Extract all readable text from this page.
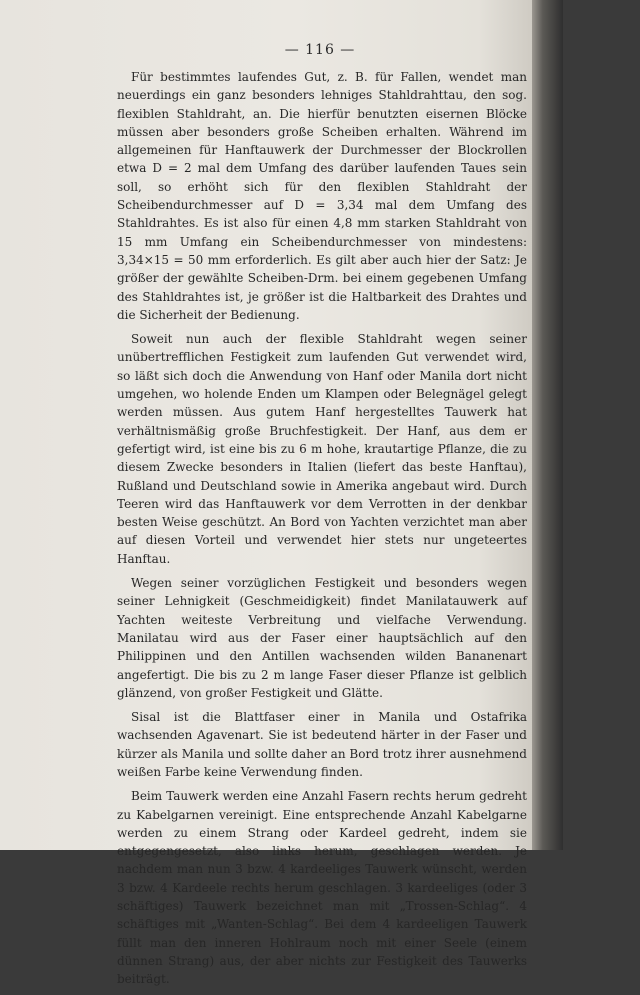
— 116 —

Für bestimmtes laufendes Gut, z. B. für Fallen, wendet man neuerdings ein ganz besonders lehniges Stahldrahttau, den sog. flexiblen Stahldraht, an. Die hierfür benutzten eisernen Blöcke müssen aber besonders große Scheiben erhalten. Während im allgemeinen für Hanftauwerk der Durchmesser der Blockrollen etwa D = 2 mal dem Umfang des darüber laufenden Taues sein soll, so erhöht sich für den flexiblen Stahldraht der Scheibendurchmesser auf D = 3,34 mal dem Umfang des Stahldrahtes. Es ist also für einen 4,8 mm starken Stahldraht von 15 mm Umfang ein Scheibendurchmesser von mindestens: 3,34×15 = 50 mm erforderlich. Es gilt aber auch hier der Satz: Je größer der gewählte Scheiben-Drm. bei einem gegebenen Umfang des Stahldrahtes ist, je größer ist die Haltbarkeit des Drahtes und die Sicherheit der Bedienung.

Soweit nun auch der flexible Stahldraht wegen seiner unübertrefflichen Festigkeit zum laufenden Gut verwendet wird, so läßt sich doch die Anwendung von Hanf oder Manila dort nicht umgehen, wo holende Enden um Klampen oder Belegnägel gelegt werden müssen. Aus gutem Hanf hergestelltes Tauwerk hat verhältnismäßig große Bruchfestigkeit. Der Hanf, aus dem er gefertigt wird, ist eine bis zu 6 m hohe, krautartige Pflanze, die zu diesem Zwecke besonders in Italien (liefert das beste Hanftau), Rußland und Deutschland sowie in Amerika angebaut wird. Durch Teeren wird das Hanftauwerk vor dem Verrotten in der denkbar besten Weise geschützt. An Bord von Yachten verzichtet man aber auf diesen Vorteil und verwendet hier stets nur ungeteertes Hanftau.

Wegen seiner vorzüglichen Festigkeit und besonders wegen seiner Lehnigkeit (Geschmeidigkeit) findet Manilatauwerk auf Yachten weiteste Verbreitung und vielfache Verwendung. Manilatau wird aus der Faser einer hauptsächlich auf den Philippinen und den Antillen wachsenden wilden Bananenart angefertigt. Die bis zu 2 m lange Faser dieser Pflanze ist gelblich glänzend, von großer Festigkeit und Glätte.

Sisal ist die Blattfaser einer in Manila und Ostafrika wachsenden Agavenart. Sie ist bedeutend härter in der Faser und kürzer als Manila und sollte daher an Bord trotz ihrer ausnehmend weißen Farbe keine Verwendung finden.

Beim Tauwerk werden eine Anzahl Fasern rechts herum gedreht zu Kabelgarnen vereinigt. Eine entsprechende Anzahl Kabelgarne werden zu einem Strang oder Kardeel gedreht, indem sie entgegengesetzt, also links herum, geschlagen werden. Je nachdem man nun 3 bzw. 4 kardeeliges Tauwerk wünscht, werden 3 bzw. 4 Kardeele rechts herum geschlagen. 3 kardeeliges (oder 3 schäftiges) Tauwerk bezeichnet man mit „Trossen-Schlag“. 4 schäftiges mit „Wanten-Schlag“. Bei dem 4 kardeeligen Tauwerk füllt man den inneren Hohlraum noch mit einer Seele (einem dünnen Strang) aus, der aber nichts zur Festigkeit des Tauwerks beiträgt.
